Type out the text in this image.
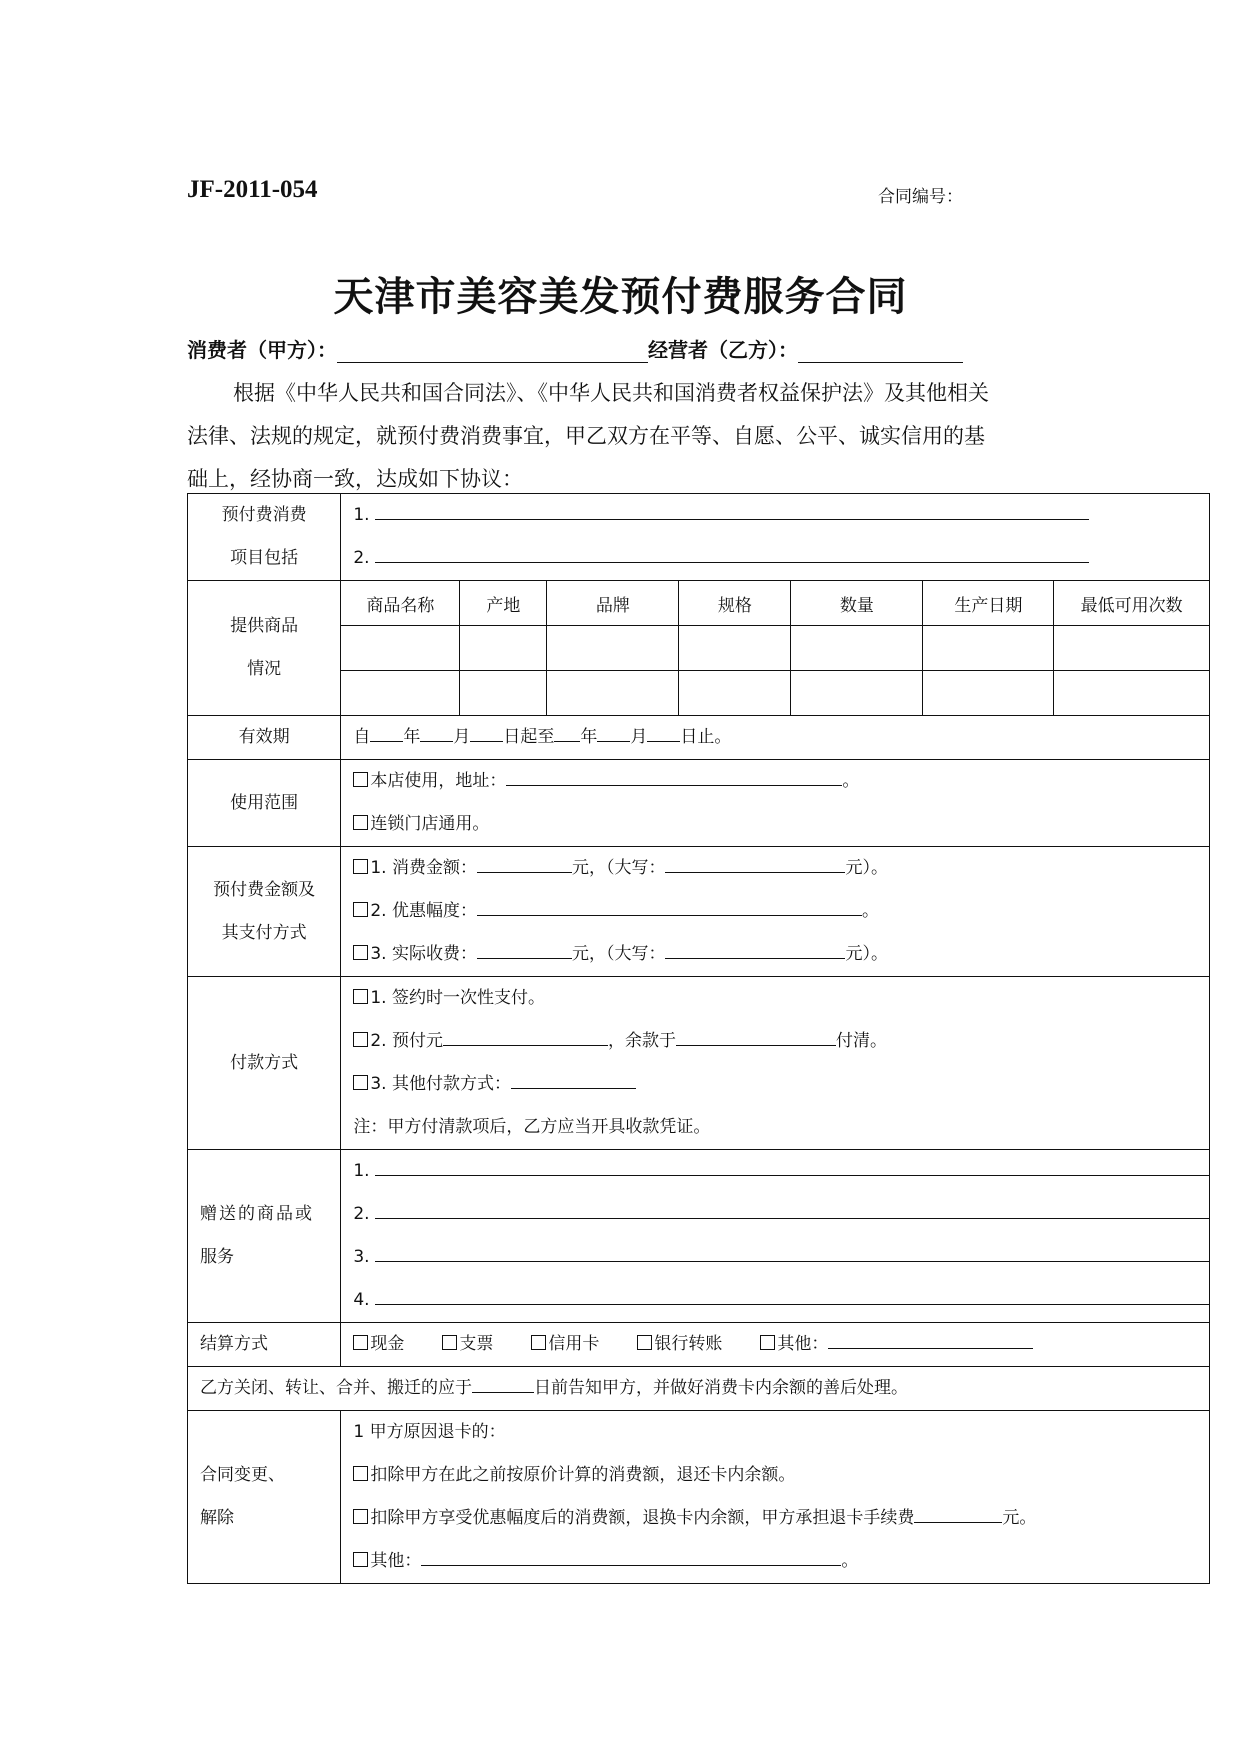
JF-2011-054	合同编号：
天津市美容美发预付费服务合同
消费者（甲方）：	经营者（乙方）：
根据《中华人民共和国合同法》、《中华人民共和国消费者权益保护法》及其他相关
法律、法规的规定，就预付费消费事宜，甲乙双方在平等、自愿、公平、诚实信用的基
础上，经协商一致，达成如下协议：
预付费消费
项目包括

1.
2.

提供商品
情况

商品名称	产地	品牌	规格	数量	生产日期	最低可用次数

有效期	自 年 月 日起至 年 月 日止。

使用范围	
本店使用，地址：	。
连锁门店通用。

预付费金额及
其支付方式

1. 消费金额：	元，（大写：	元）。
2. 优惠幅度：	。
3. 实际收费：	元，（大写：	元）。

付款方式	
1. 签约时一次性支付。
2. 预付元	，余款于	付清。
3. 其他付款方式：
注：甲方付清款项后，乙方应当开具收款凭证。

赠送的商品或
服务

1.
2.
3.
4.

结算方式	现金	支票	信用卡	银行转账	其他：

乙方关闭、转让、合并、搬迁的应于	日前告知甲方，并做好消费卡内余额的善后处理。

合同变更、
解除

1 甲方原因退卡的：
扣除甲方在此之前按原价计算的消费额，退还卡内余额。
扣除甲方享受优惠幅度后的消费额，退换卡内余额，甲方承担退卡手续费	元。
其他：	。
